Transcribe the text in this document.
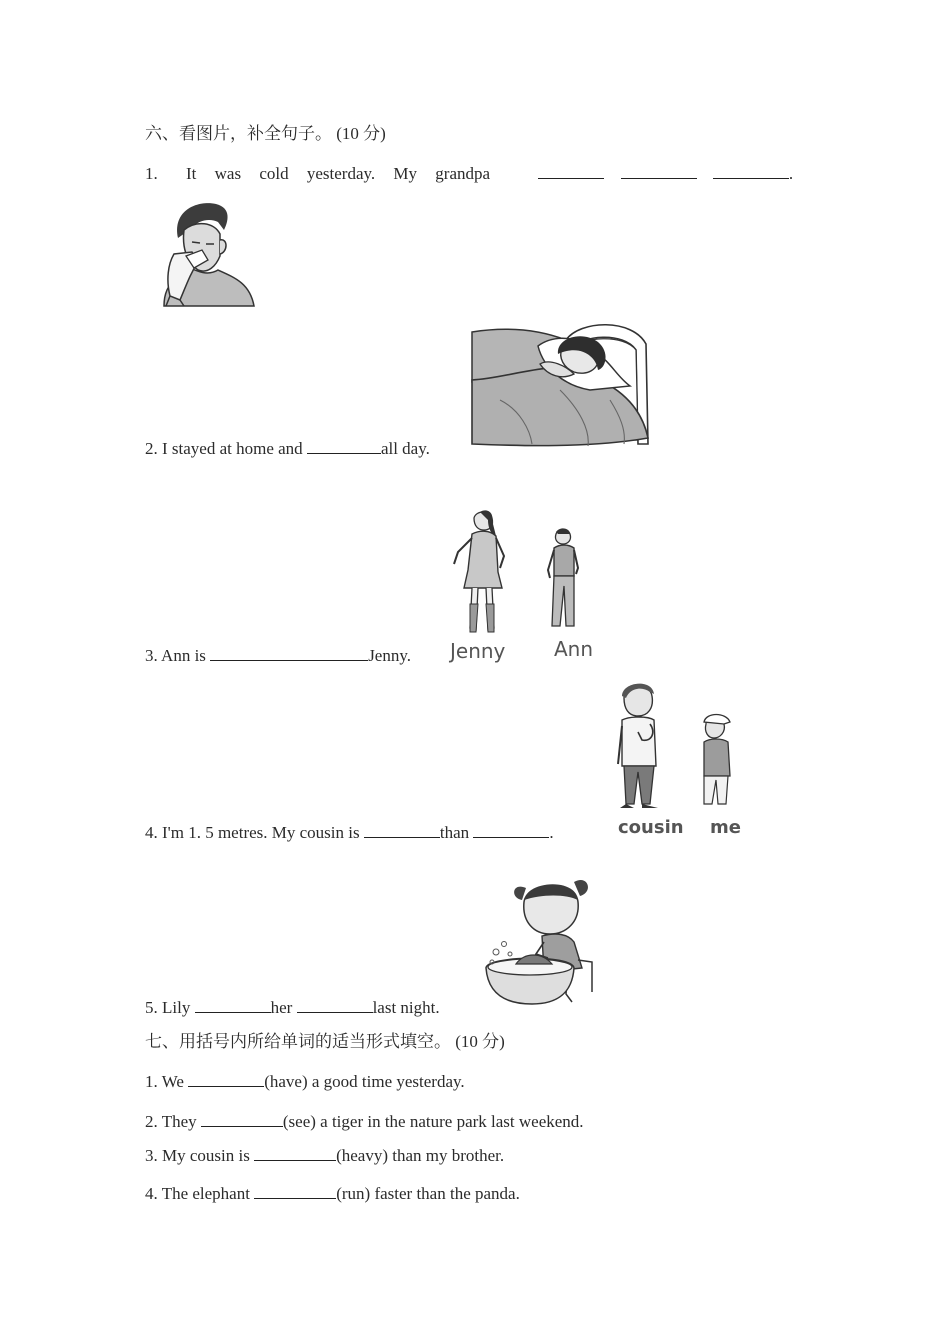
六、看图片，补全句子。 (10 分)
1. It was cold yesterday. My grandpa	.
2. I stayed at home and	all day.
3. Ann is	Jenny. Jenny Ann
4. I'm 1. 5 metres. My cousin is	than	.	cousin me
5. Lily	her	last night.
七、用括号内所给单词的适当形式填空。 (10 分)
1. We	(have) a good time yesterday.
2. They	(see) a tiger in the nature park last weekend.
3. My cousin is	(heavy) than my brother.
4. The elephant	(run) faster than the panda.
